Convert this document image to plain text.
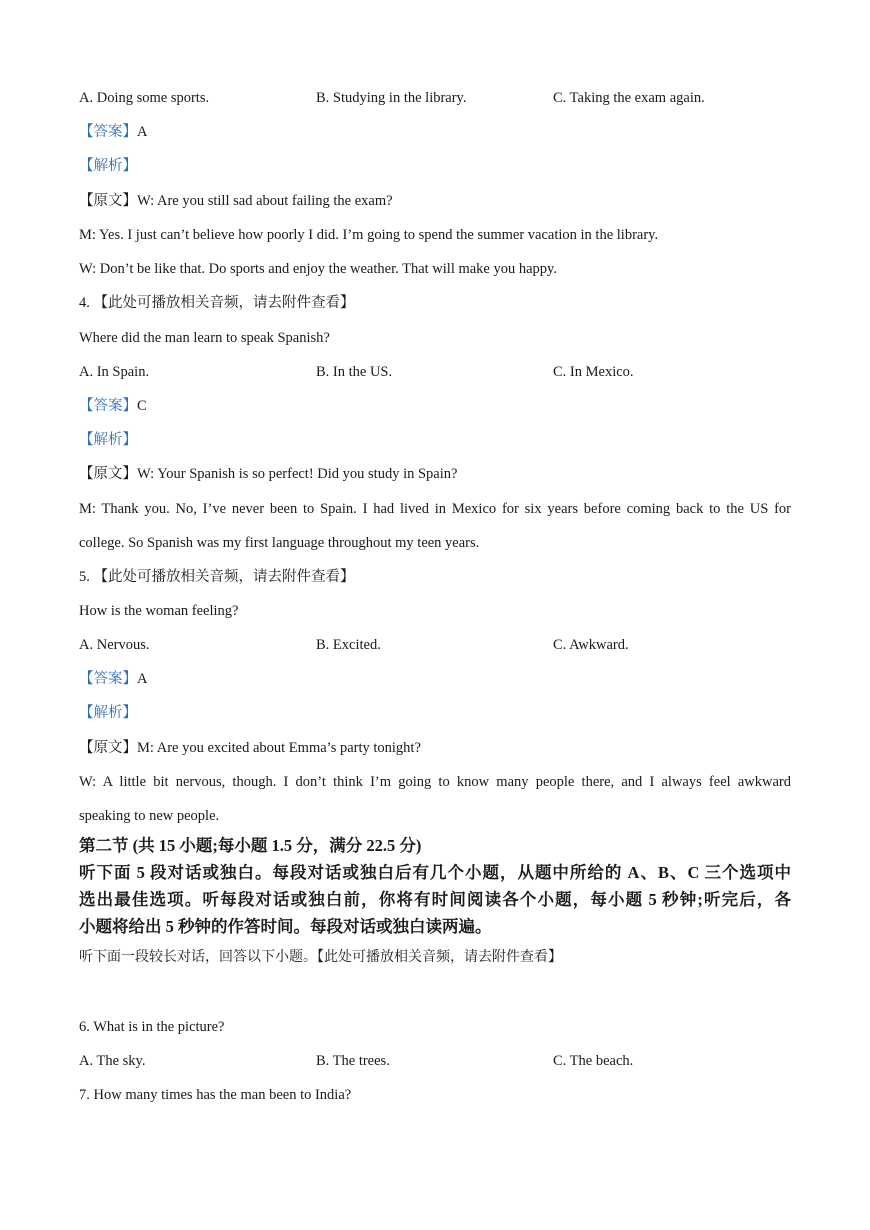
A. Doing some sports.	B. Studying in the library.	C. Taking the exam again.
【答案】A
【解析】
【原文】W: Are you still sad about failing the exam?
M: Yes. I just can’t believe how poorly I did. I’m going to spend the summer vacation in the library.
W: Don’t be like that. Do sports and enjoy the weather. That will make you happy.
4. 【此处可播放相关音频，请去附件查看】
Where did the man learn to speak Spanish?
A. In Spain.	B. In the US.	C. In Mexico.
【答案】C
【解析】
【原文】W: Your Spanish is so perfect! Did you study in Spain?
M: Thank you. No, I’ve never been to Spain. I had lived in Mexico for six years before coming back to the US for
college. So Spanish was my first language throughout my teen years.
5. 【此处可播放相关音频，请去附件查看】
How is the woman feeling?
A. Nervous.	B. Excited.	C. Awkward.
【答案】A
【解析】
【原文】M: Are you excited about Emma’s party tonight?
W: A little bit nervous, though. I don’t think I’m going to know many people there, and I always feel awkward
speaking to new people.
第二节 (共 15 小题;每小题 1.5 分，满分 22.5 分)
听下面 5 段对话或独白。每段对话或独白后有几个小题，从题中所给的 A、B、C 三个选项中
选出最佳选项。听每段对话或独白前，你将有时间阅读各个小题，每小题 5 秒钟;听完后，各
小题将给出 5 秒钟的作答时间。每段对话或独白读两遍。
听下面一段较长对话，回答以下小题。【此处可播放相关音频，请去附件查看】
6. What is in the picture?
A. The sky.	B. The trees.	C. The beach.
7. How many times has the man been to India?
